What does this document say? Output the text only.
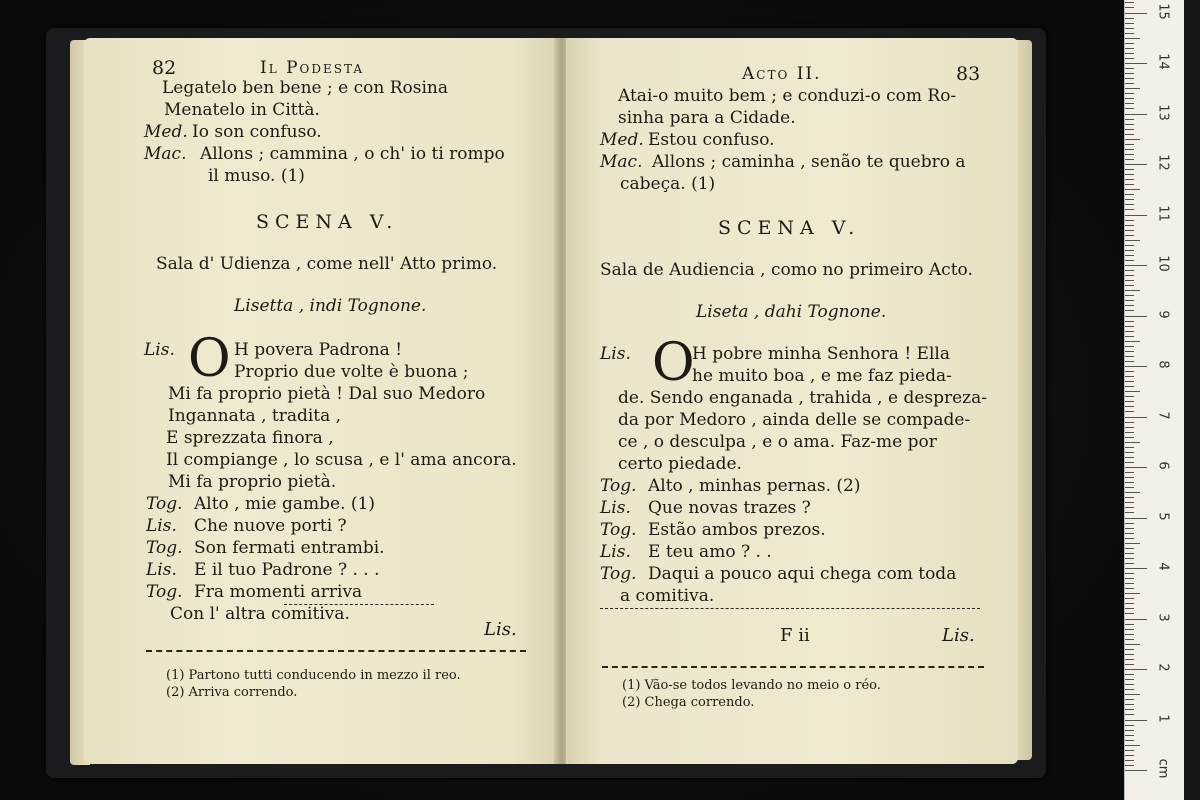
82	Il Podesta
Legatelo ben bene ; e con Rosina
Menatelo in Città.
Med. Io son confuso.
Mac. Allons ; cammina , o ch' io ti rompo
il muso. (1)
SCENA V.
Sala d' Udienza , come nell' Atto primo.
Lisetta , indi Tognone.
Lis. O H povera Padrona !
Proprio due volte è buona ;
Mi fa proprio pietà ! Dal suo Medoro
Ingannata , tradita ,
E sprezzata finora ,
Il compiange , lo scusa , e l' ama ancora.
Mi fa proprio pietà.
Tog. Alto , mie gambe. (1)
Lis. Che nuove porti ?
Tog. Son fermati entrambi.
Lis. E il tuo Padrone ? . . .
Tog. Fra momenti arriva
Con l' altra comitiva.
Lis.
(1) Partono tutti conducendo in mezzo il reo.
(2) Arriva correndo.
Acto II.	83
Atai-o muito bem ; e conduzi-o com Ro-
sinha para a Cidade.
Med. Estou confuso.
Mac. Allons ; caminha , senão te quebro a
cabeça. (1)
SCENA V.
Sala de Audiencia , como no primeiro Acto.
Liseta , dahi Tognone.
Lis. O
H pobre minha Senhora ! Ella
he muito boa , e me faz pieda-
de. Sendo enganada , trahida , e despreza-
da por Medoro , ainda delle se compade-
ce , o desculpa , e o ama. Faz-me por
certo piedade.
Tog. Alto , minhas pernas. (2)
Lis. Que novas trazes ?
Tog. Estão ambos prezos.
Lis. E teu amo ? . .
Tog. Daqui a pouco aqui chega com toda
a comitiva.
F ii	Lis.
(1) Vão-se todos levando no meio o réo.
(2) Chega correndo.
cm
1
2
3
4
5
6
7
8
9
10
11
12
13
14
15
